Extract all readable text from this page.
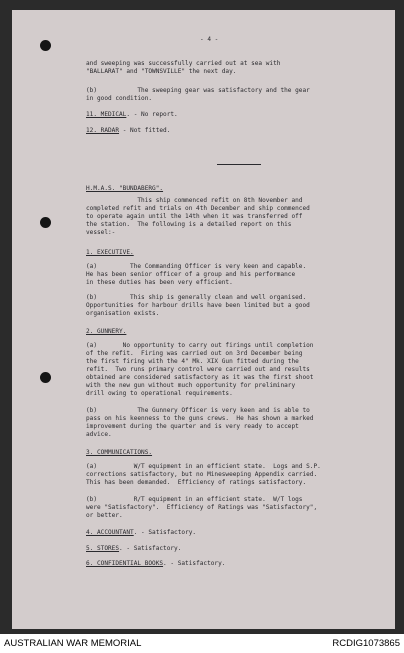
- 4 -

and sweeping was successfully carried out at sea with

"BALLARAT" and "TOWNSVILLE" the next day.

(b)           The sweeping gear was satisfactory and the gear

in good condition.

11. MEDICAL. - No report.

12. RADAR - Not fitted.

H.M.A.S. "BUNDABERG".

This ship commenced refit on 8th November and

completed refit and trials on 4th December and ship commenced

to operate again until the 14th when it was transferred off

the station.  The following is a detailed report on this

vessel:-

1. EXECUTIVE.

(a)         The Commanding Officer is very keen and capable.

He has been senior officer of a group and his performance

in these duties has been very efficient.

(b)         This ship is generally clean and well organised.

Opportunities for harbour drills have been limited but a good

organisation exists.

2. GUNNERY.

(a)       No opportunity to carry out firings until completion

of the refit.  Firing was carried out on 3rd December being

the first firing with the 4" Mk. XIX Gun fitted during the

refit.  Two runs primary control were carried out and results

obtained are considered satisfactory as it was the first shoot

with the new gun without much opportunity for preliminary

drill owing to operational requirements.

(b)           The Gunnery Officer is very keen and is able to

pass on his keenness to the guns crews.  He has shown a marked

improvement during the quarter and is very ready to accept

advice.

3. COMMUNICATIONS.

(a)          W/T equipment in an efficient state.  Logs and S.P.

corrections satisfactory, but no Minesweeping Appendix carried.

This has been demanded.  Efficiency of ratings satisfactory.

(b)          R/T equipment in an efficient state.  W/T logs

were "Satisfactory".  Efficiency of Ratings was "Satisfactory",

or better.

4. ACCOUNTANT. - Satisfactory.

5. STORES. - Satisfactory.

6. CONFIDENTIAL BOOKS. - Satisfactory.

AUSTRALIAN WAR MEMORIAL	RCDIG1073865
